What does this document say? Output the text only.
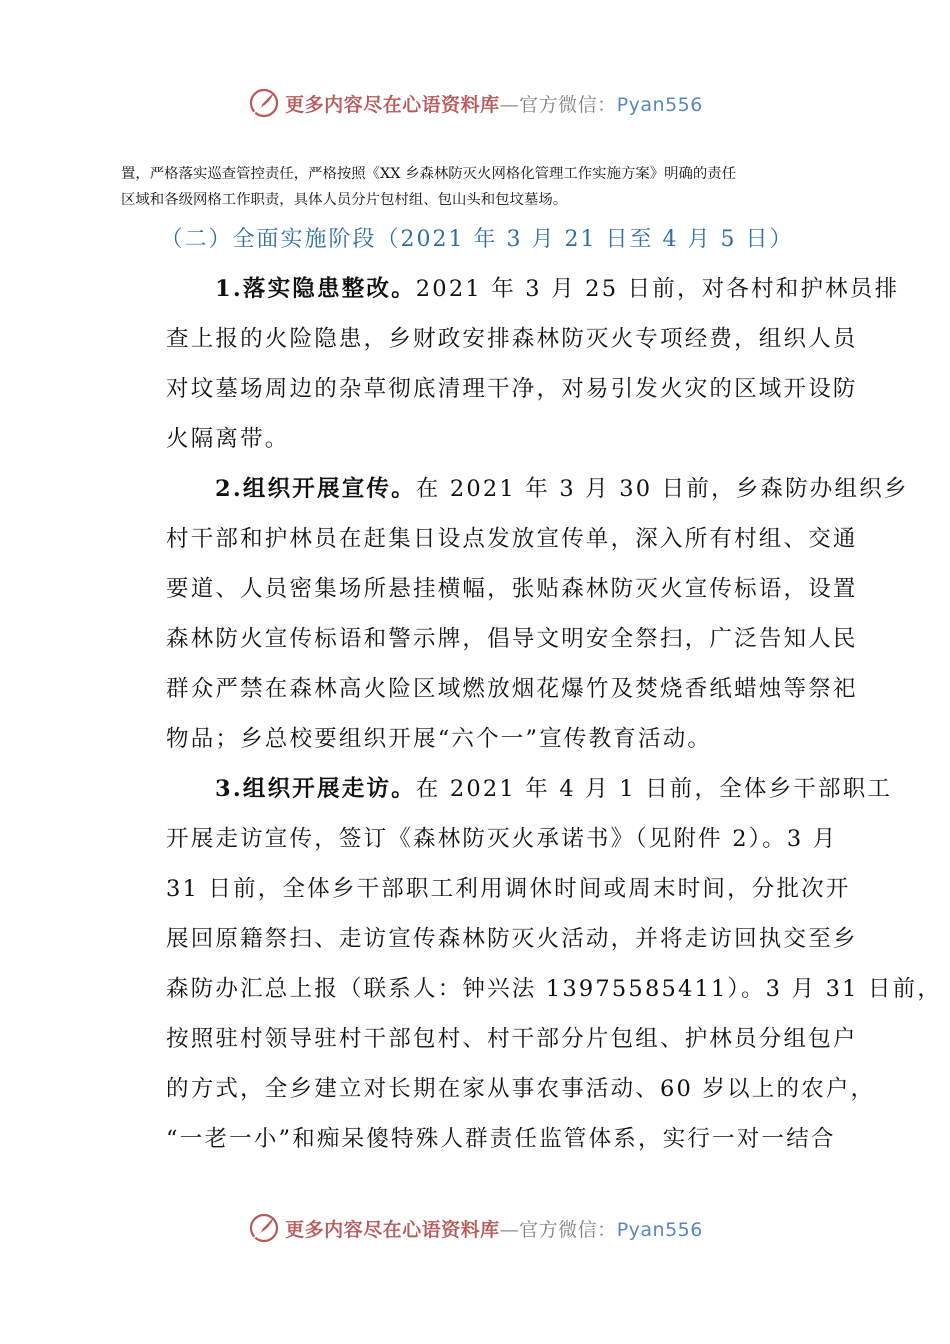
更多内容尽在心语资料库—官方微信：Pyan556

置，严格落实巡查管控责任，严格按照《XX 乡森林防灭火网格化管理工作实施方案》明确的责任

区域和各级网格工作职责，具体人员分片包村组、包山头和包坟墓场。

（二）全面实施阶段（2021 年 3 月 21 日至 4 月 5 日）
1.落实隐患整改。2021 年 3 月 25 日前，对各村和护林员排
查上报的火险隐患，乡财政安排森林防灭火专项经费，组织人员
对坟墓场周边的杂草彻底清理干净，对易引发火灾的区域开设防
火隔离带。
2.组织开展宣传。在 2021 年 3 月 30 日前，乡森防办组织乡
村干部和护林员在赶集日设点发放宣传单，深入所有村组、交通
要道、人员密集场所悬挂横幅，张贴森林防灭火宣传标语，设置
森林防火宣传标语和警示牌，倡导文明安全祭扫，广泛告知人民
群众严禁在森林高火险区域燃放烟花爆竹及焚烧香纸蜡烛等祭祀
物品；乡总校要组织开展“六个一”宣传教育活动。
3.组织开展走访。在 2021 年 4 月 1 日前，全体乡干部职工
开展走访宣传，签订《森林防灭火承诺书》（见附件 2）。3 月
31 日前，全体乡干部职工利用调休时间或周末时间，分批次开
展回原籍祭扫、走访宣传森林防灭火活动，并将走访回执交至乡
森防办汇总上报（联系人：钟兴法 13975585411）。3 月 31 日前，
按照驻村领导驻村干部包村、村干部分片包组、护林员分组包户
的方式，全乡建立对长期在家从事农事活动、60 岁以上的农户，
“一老一小”和痴呆傻特殊人群责任监管体系，实行一对一结合
更多内容尽在心语资料库—官方微信：Pyan556
